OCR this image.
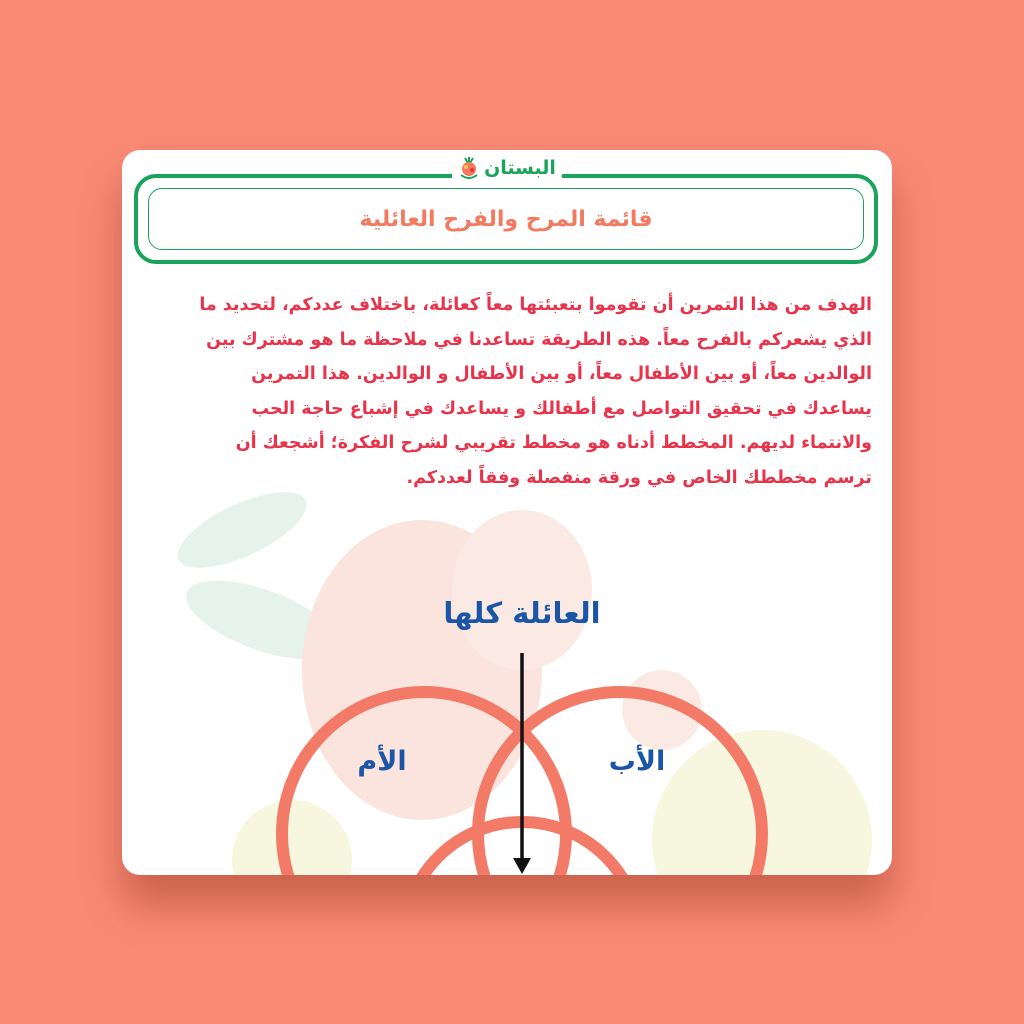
البستان
قائمة المرح والفرح العائلية
الهدف من هذا التمرين أن تقوموا بتعبئتها معاً كعائلة، باختلاف عددكم، لتحديد ما الذي يشعركم بالفرح معاً. هذه الطريقة تساعدنا في ملاحظة ما هو مشترك بين الوالدين معاً، أو بين الأطفال معاً، أو بين الأطفال و الوالدين. هذا التمرين يساعدك في تحقيق التواصل مع أطفالك و يساعدك في إشباع حاجة الحب والانتماء لديهم. المخطط أدناه هو مخطط تقريبي لشرح الفكرة؛ أشجعك أن ترسم مخططك الخاص في ورقة منفصلة وفقاً لعددكم.
العائلة كلها
الأم	الأب
